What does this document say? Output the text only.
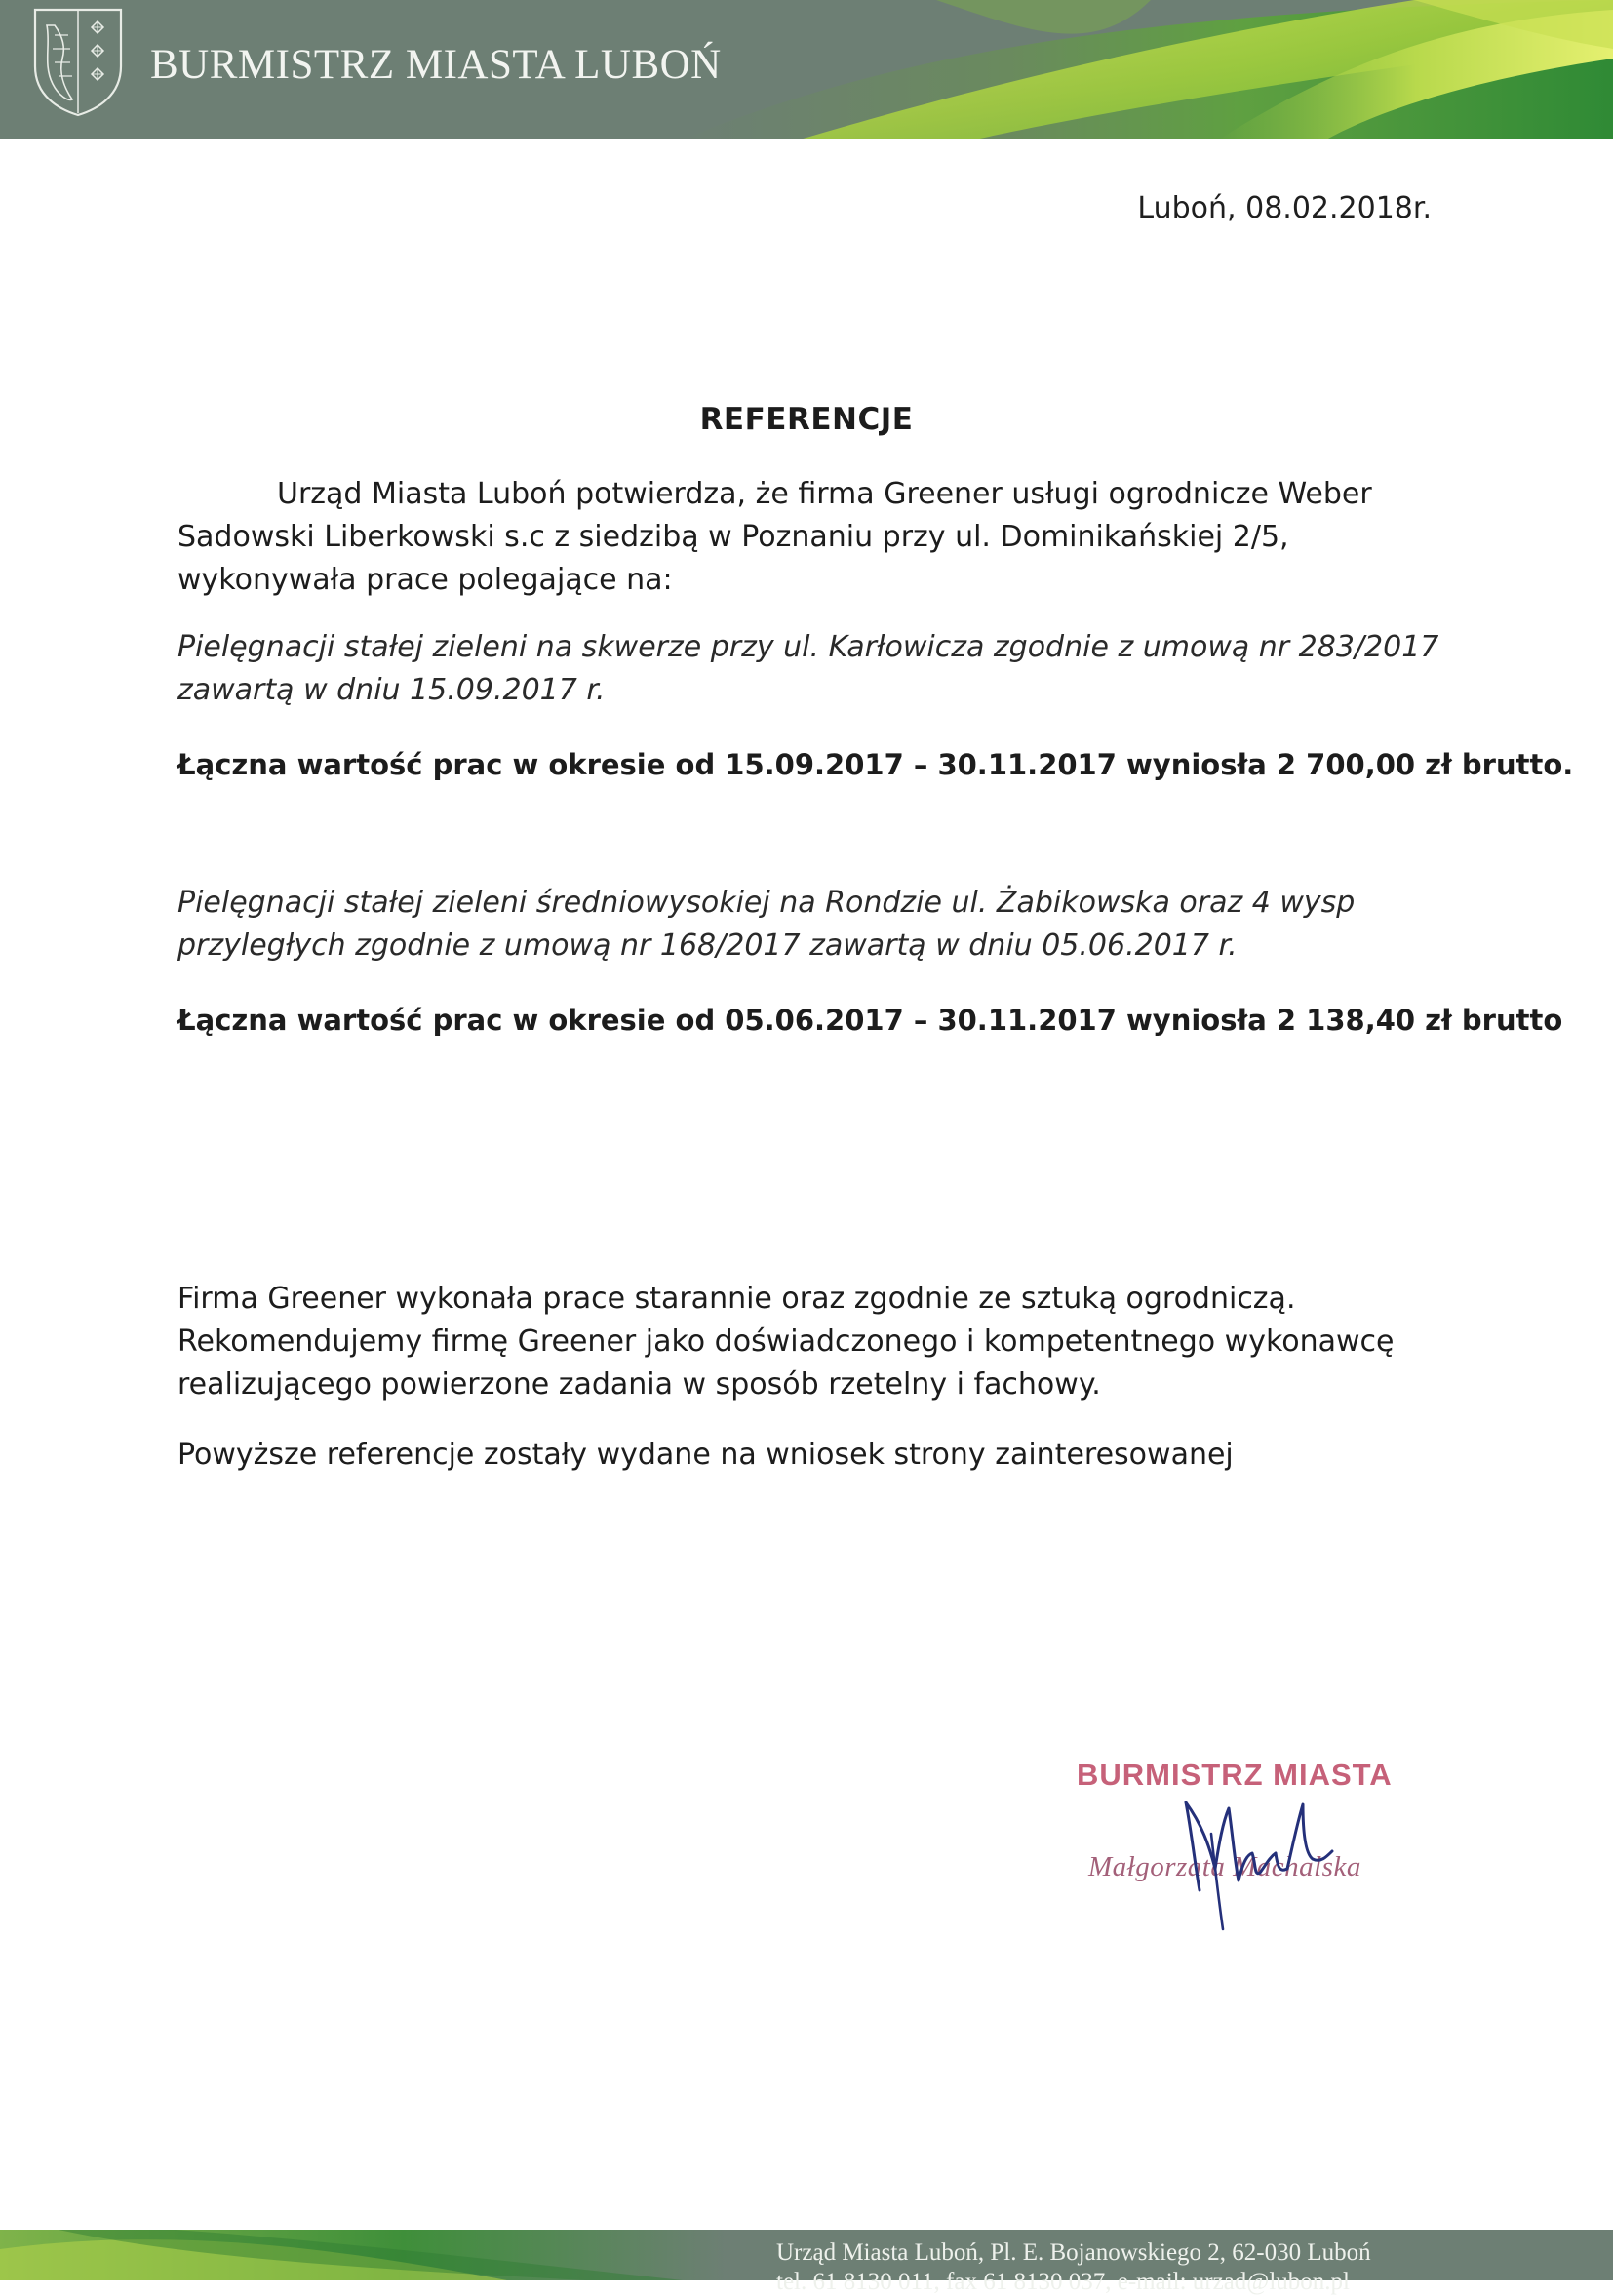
BURMISTRZ MIASTA LUBOŃ
Luboń, 08.02.2018r.
REFERENCJE
Urząd Miasta Luboń potwierdza, że firma Greener usługi ogrodnicze Weber
Sadowski Liberkowski s.c z siedzibą w Poznaniu przy ul. Dominikańskiej 2/5,
wykonywała prace polegające na:
Pielęgnacji stałej zieleni na skwerze przy ul. Karłowicza zgodnie z umową nr 283/2017
zawartą w dniu 15.09.2017 r.
Łączna wartość prac w okresie od 15.09.2017 – 30.11.2017 wyniosła 2 700,00 zł brutto.
Pielęgnacji stałej zieleni średniowysokiej na Rondzie ul. Żabikowska oraz 4 wysp
przyległych zgodnie z umową nr 168/2017 zawartą w dniu 05.06.2017 r.
Łączna wartość prac w okresie od 05.06.2017 – 30.11.2017 wyniosła 2 138,40 zł brutto
Firma Greener wykonała prace starannie oraz zgodnie ze sztuką ogrodniczą.
Rekomendujemy firmę Greener jako doświadczonego i kompetentnego wykonawcę
realizującego powierzone zadania w sposób rzetelny i fachowy.
Powyższe referencje zostały wydane na wniosek strony zainteresowanej
BURMISTRZ MIASTA
Małgorzata Machalska
Urząd Miasta Luboń, Pl. E. Bojanowskiego 2, 62-030 Luboń
tel. 61 8130 011, fax 61 8130 037, e-mail: urzad@lubon.pl
